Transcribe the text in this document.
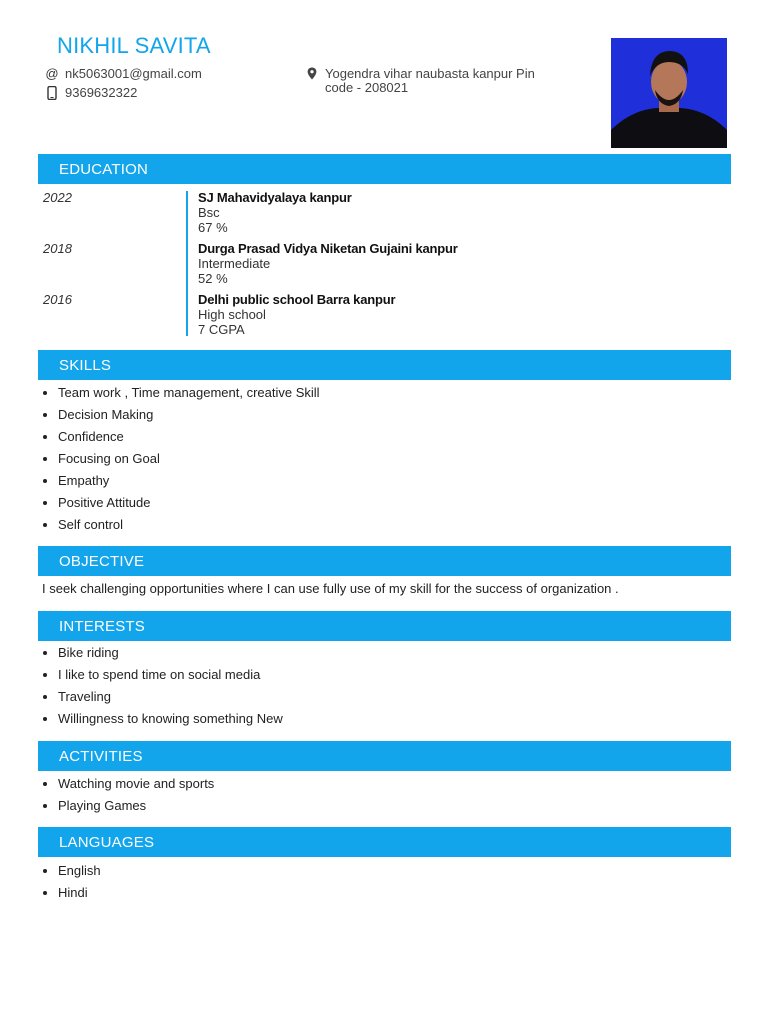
NIKHIL SAVITA
@ nk5063001@gmail.com
9369632322
Yogendra vihar naubasta kanpur Pin code - 208021
EDUCATION
2022	SJ Mahavidyalaya kanpur
Bsc
67 %
2018	Durga Prasad Vidya Niketan Gujaini kanpur
Intermediate
52 %
2016	Delhi public school Barra kanpur
High school
7 CGPA
SKILLS
• Team work , Time management, creative Skill
• Decision Making
• Confidence
• Focusing on Goal
• Empathy
• Positive Attitude
• Self control
OBJECTIVE
I seek challenging opportunities where I can use fully use of my skill for the success of organization .
INTERESTS
• Bike riding
• I like to spend time on social media
• Traveling
• Willingness to knowing something New
ACTIVITIES
• Watching movie and sports
• Playing Games
LANGUAGES
• English
• Hindi
